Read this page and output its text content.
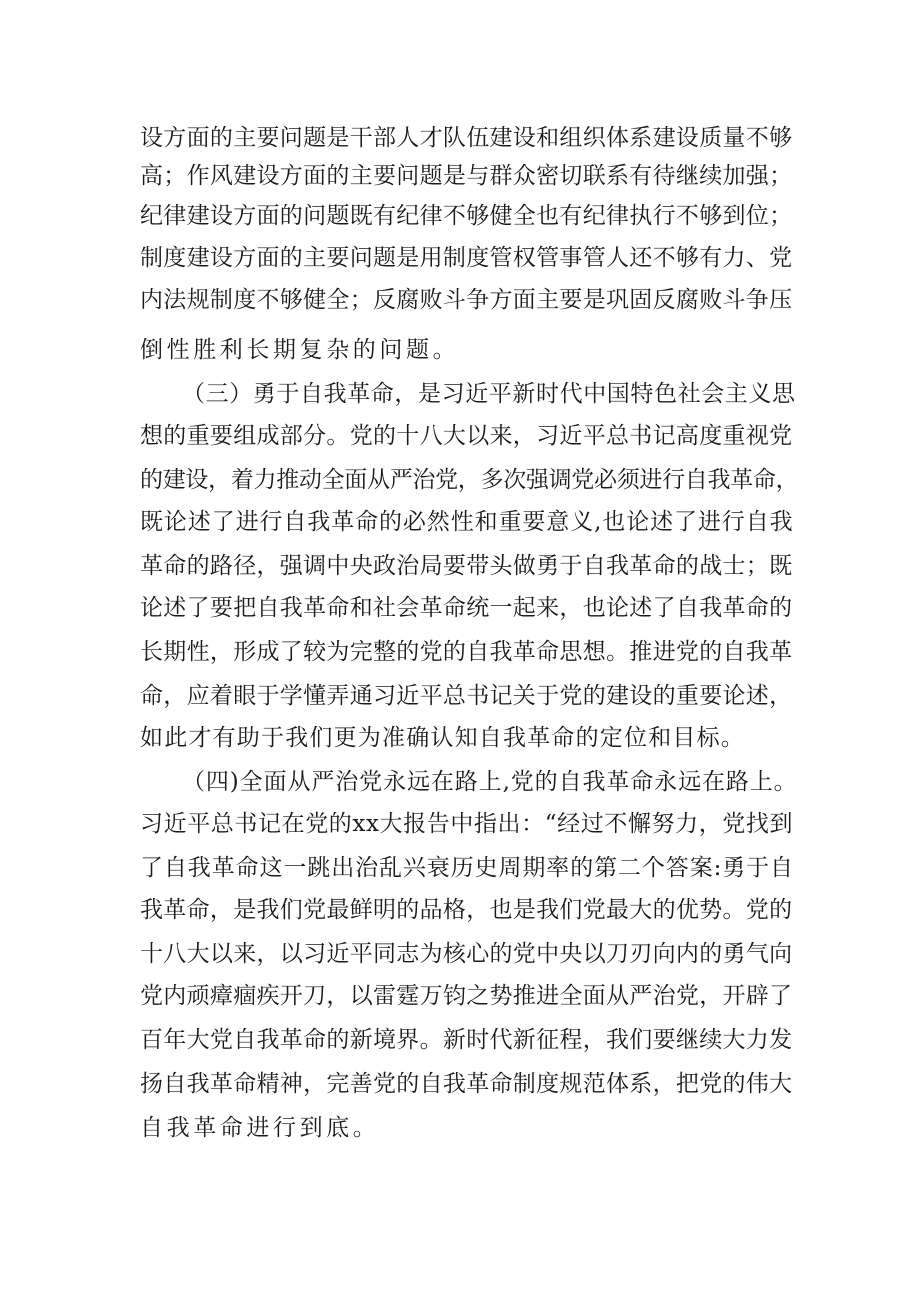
设方面的主要问题是干部人才队伍建设和组织体系建设质量不够
高；作风建设方面的主要问题是与群众密切联系有待继续加强；
纪律建设方面的问题既有纪律不够健全也有纪律执行不够到位；
制度建设方面的主要问题是用制度管权管事管人还不够有力、党
内法规制度不够健全；反腐败斗争方面主要是巩固反腐败斗争压
倒性胜利长期复杂的问题。
（三）勇于自我革命，是习近平新时代中国特色社会主义思
想的重要组成部分。党的十八大以来，习近平总书记高度重视党
的建设，着力推动全面从严治党，多次强调党必须进行自我革命，
既论述了进行自我革命的必然性和重要意义,也论述了进行自我
革命的路径，强调中央政治局要带头做勇于自我革命的战士；既
论述了要把自我革命和社会革命统一起来，也论述了自我革命的
长期性，形成了较为完整的党的自我革命思想。推进党的自我革
命，应着眼于学懂弄通习近平总书记关于党的建设的重要论述，
如此才有助于我们更为准确认知自我革命的定位和目标。
（四)全面从严治党永远在路上,党的自我革命永远在路上。
习近平总书记在党的xx大报告中指出：“经过不懈努力，党找到
了自我革命这一跳出治乱兴衰历史周期率的第二个答案:勇于自
我革命，是我们党最鲜明的品格，也是我们党最大的优势。党的
十八大以来，以习近平同志为核心的党中央以刀刃向内的勇气向
党内顽瘴痼疾开刀，以雷霆万钧之势推进全面从严治党，开辟了
百年大党自我革命的新境界。新时代新征程，我们要继续大力发
扬自我革命精神，完善党的自我革命制度规范体系，把党的伟大
自我革命进行到底。
